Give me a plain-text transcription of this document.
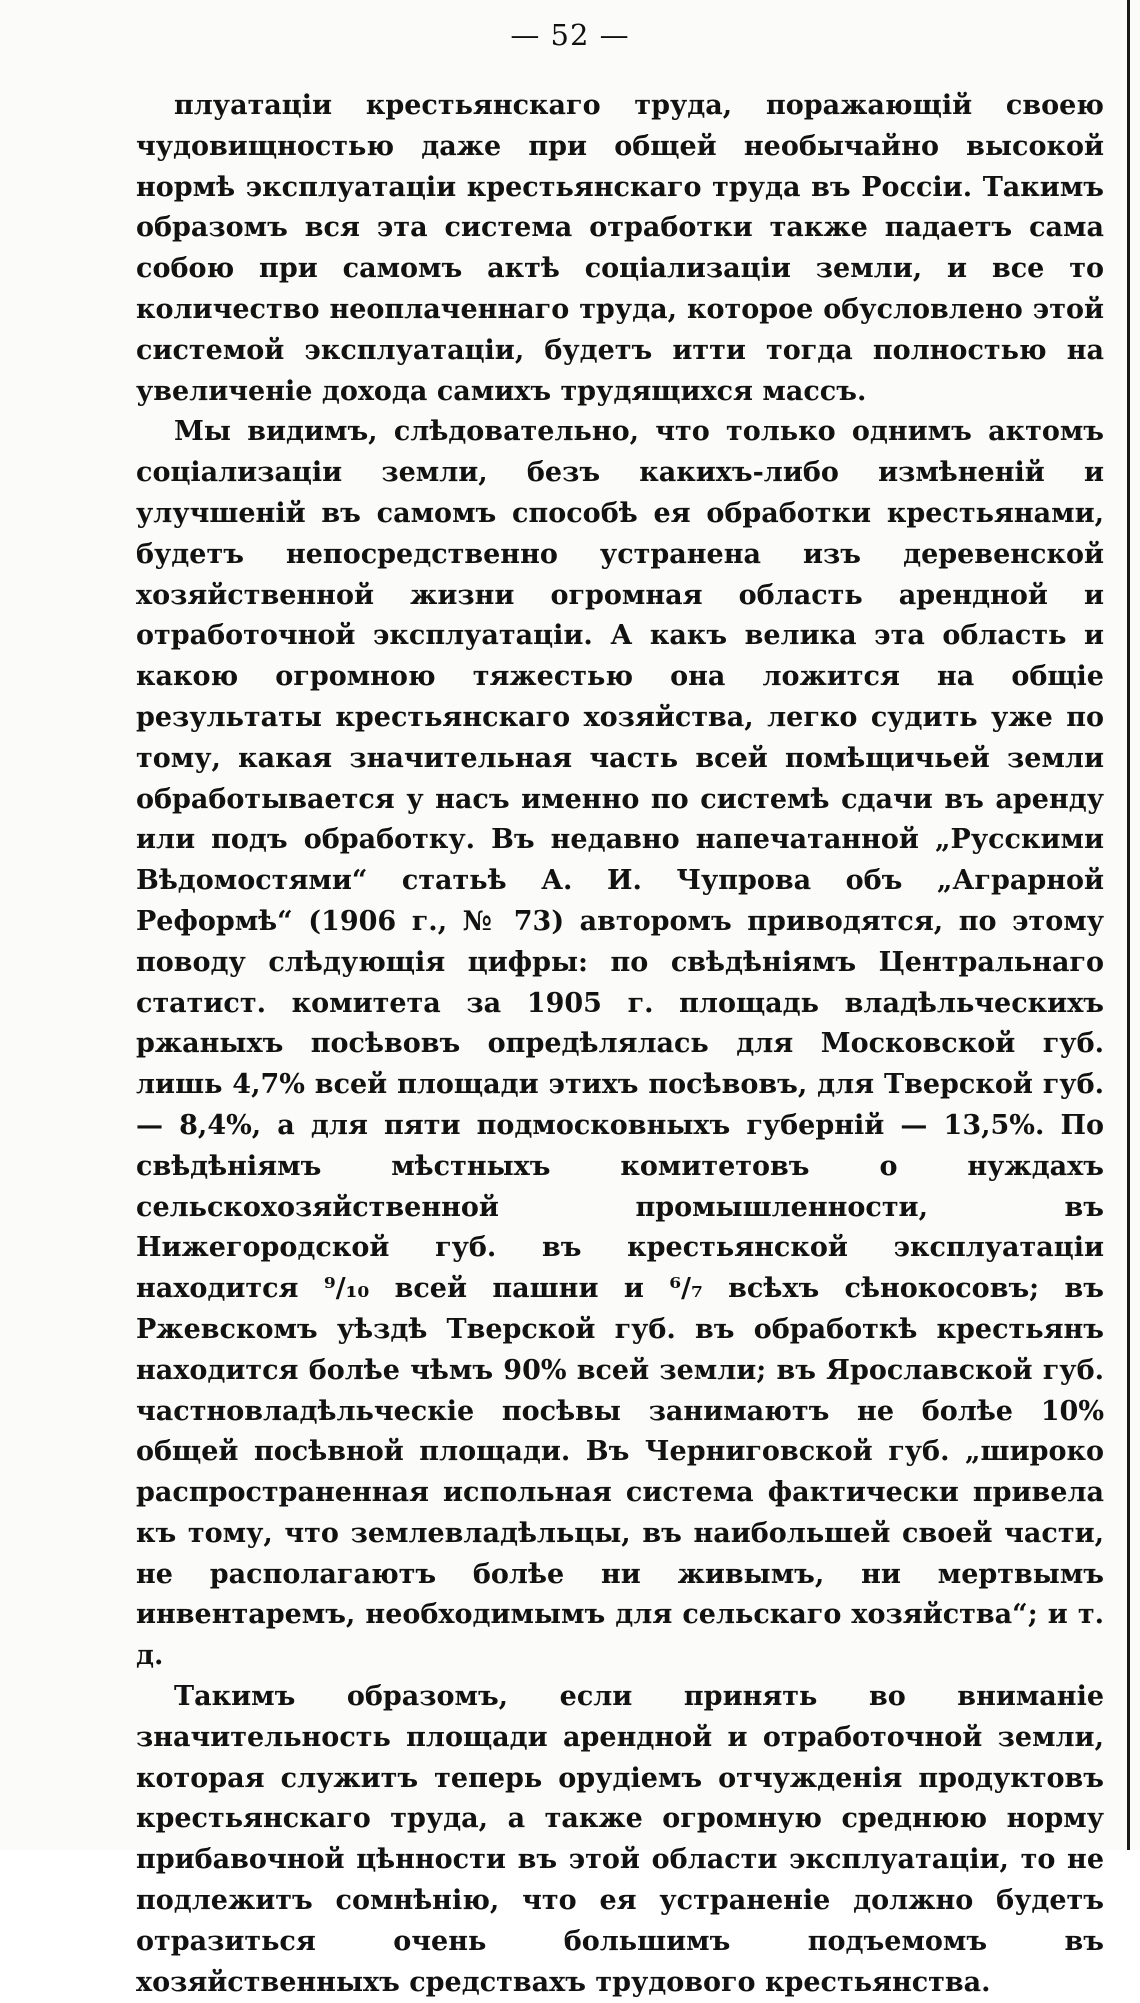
— 52 —

плуатаціи крестьянскаго труда, поражающій своею чудовищностью даже при общей необычайно высокой нормѣ эксплуатаціи крестьянскаго труда въ Россіи. Такимъ образомъ вся эта система отработки также падаетъ сама собою при самомъ актѣ соціализаціи земли, и все то количество неоплаченнаго труда, которое обусловлено этой системой эксплуатаціи, будетъ итти тогда полностью на увеличеніе дохода самихъ трудящихся массъ.

Мы видимъ, слѣдовательно, что только однимъ актомъ соціализаціи земли, безъ какихъ-либо измѣненій и улучшеній въ самомъ способѣ ея обработки крестьянами, будетъ непосредственно устранена изъ деревенской хозяйственной жизни огромная область арендной и отработочной эксплуатаціи. А какъ велика эта область и какою огромною тяжестью она ложится на общіе результаты крестьянскаго хозяйства, легко судить уже по тому, какая значительная часть всей помѣщичьей земли обработывается у насъ именно по системѣ сдачи въ аренду или подъ обработку. Въ недавно напечатанной „Русскими Вѣдомостями“ статьѣ А. И. Чупрова объ „Аграрной Реформѣ“ (1906 г., № 73) авторомъ приводятся, по этому поводу слѣдующія цифры: по свѣдѣніямъ Центральнаго статист. комитета за 1905 г. площадь владѣльческихъ ржаныхъ посѣвовъ опредѣлялась для Московской губ. лишь 4,7% всей площади этихъ посѣвовъ, для Тверской губ. — 8,4%, а для пяти подмосковныхъ губерній — 13,5%. По свѣдѣніямъ мѣстныхъ комитетовъ о нуждахъ сельскохозяйственной промышленности, въ Нижегородской губ. въ крестьянской эксплуатаціи находится ⁹/₁₀ всей пашни и ⁶/₇ всѣхъ сѣнокосовъ; въ Ржевскомъ уѣздѣ Тверской губ. въ обработкѣ крестьянъ находится болѣе чѣмъ 90% всей земли; въ Ярославской губ. частновладѣльческіе посѣвы занимаютъ не болѣе 10% общей посѣвной площади. Въ Черниговской губ. „широко распространенная испольная система фактически привела къ тому, что землевладѣльцы, въ наибольшей своей части, не располагаютъ болѣе ни живымъ, ни мертвымъ инвентаремъ, необходимымъ для сельскаго хозяйства“; и т. д.

Такимъ образомъ, если принять во вниманіе значительность площади арендной и отработочной земли, которая служитъ теперь орудіемъ отчужденія продуктовъ крестьянскаго труда, а также огромную среднюю норму прибавочной цѣнности въ этой области эксплуатаціи, то не подлежитъ сомнѣнію, что ея устраненіе должно будетъ отразиться очень большимъ подъемомъ въ хозяйственныхъ средствахъ трудового крестьянства.
